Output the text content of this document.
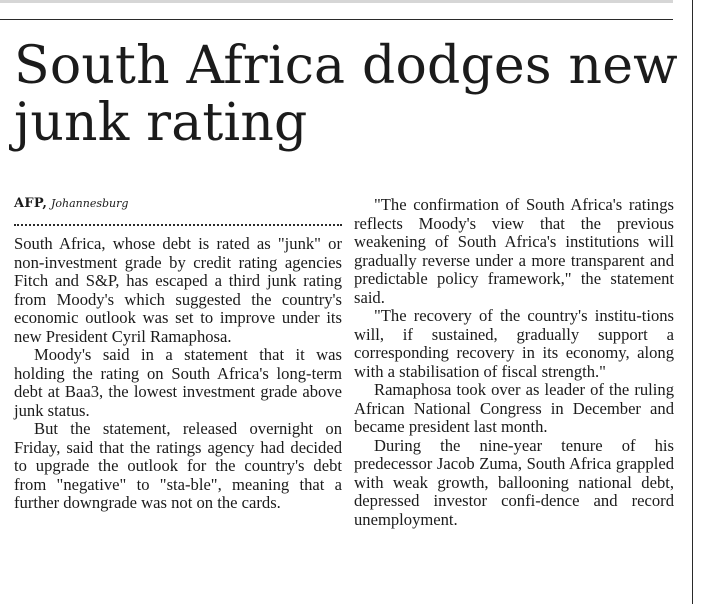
South Africa dodges new junk rating
AFP, Johannesburg

South Africa, whose debt is rated as "junk" or non-investment grade by credit rating agencies Fitch and S&P, has escaped a third junk rating from Moody's which suggested the country's economic outlook was set to improve under its new President Cyril Ramaphosa.

Moody's said in a statement that it was holding the rating on South Africa's long-term debt at Baa3, the lowest investment grade above junk status.

But the statement, released overnight on Friday, said that the ratings agency had decided to upgrade the outlook for the country's debt from "negative" to "sta-ble", meaning that a further downgrade was not on the cards.

"The confirmation of South Africa's ratings reflects Moody's view that the previous weakening of South Africa's institutions will gradually reverse under a more transparent and predictable policy framework," the statement said.

"The recovery of the country's institu-tions will, if sustained, gradually support a corresponding recovery in its economy, along with a stabilisation of fiscal strength."

Ramaphosa took over as leader of the ruling African National Congress in December and became president last month.

During the nine-year tenure of his predecessor Jacob Zuma, South Africa grappled with weak growth, ballooning national debt, depressed investor confi-dence and record unemployment.
